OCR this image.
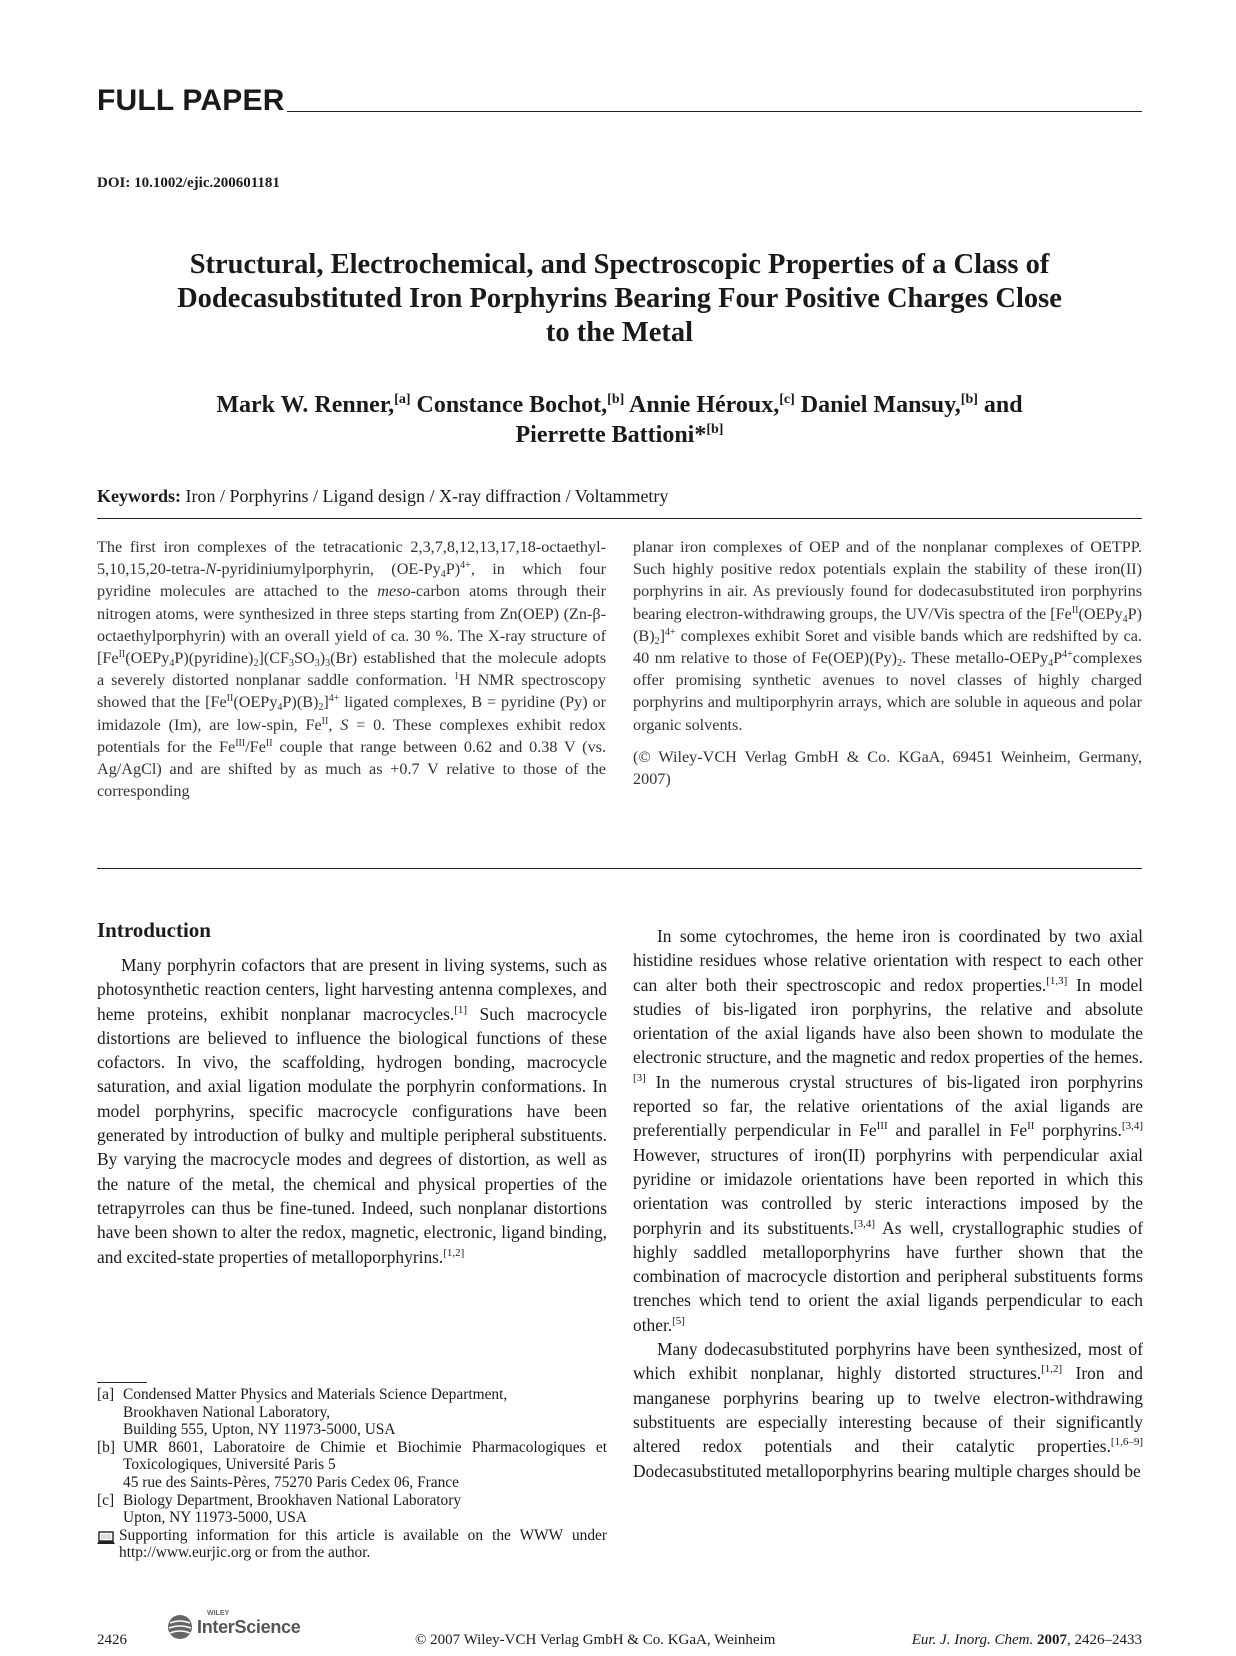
FULL PAPER
DOI: 10.1002/ejic.200601181
Structural, Electrochemical, and Spectroscopic Properties of a Class of
Dodecasubstituted Iron Porphyrins Bearing Four Positive Charges Close
to the Metal
Mark W. Renner,[a] Constance Bochot,[b] Annie Héroux,[c] Daniel Mansuy,[b] and
Pierrette Battioni*[b]
Keywords: Iron / Porphyrins / Ligand design / X-ray diffraction / Voltammetry

The first iron complexes of the tetracationic 2,3,7,8,12,13,17,18-octaethyl-5,10,15,20-tetra-N-pyridiniumylporphyrin, $(OE-Py_4P)^{4+}$, in which four pyridine molecules are attached to the meso-carbon atoms through their nitrogen atoms, were synthesized in three steps starting from Zn(OEP) (Zn-β-octaethylporphyrin) with an overall yield of ca. 30 %. The X-ray structure of $[Fe^{II}(OEPy_4P)(pyridine)_2](CF_3SO_3)_3(Br)$ established that the molecule adopts a severely distorted nonplanar saddle conformation. $^1$H NMR spectroscopy showed that the $[Fe^{II}(OEPy_4P)(B)_2]^{4+}$ ligated complexes, B = pyridine (Py) or imidazole (Im), are low-spin, $Fe^{II}$, S = 0. These complexes exhibit redox potentials for the $Fe^{III}/Fe^{II}$ couple that range between 0.62 and 0.38 V (vs. Ag/AgCl) and are shifted by as much as +0.7 V relative to those of the corresponding

planar iron complexes of OEP and of the nonplanar complexes of OETPP. Such highly positive redox potentials explain the stability of these iron(II) porphyrins in air. As previously found for dodecasubstituted iron porphyrins bearing electron-withdrawing groups, the UV/Vis spectra of the $[Fe^{II}(OEPy_4P)(B)_2]^{4+}$ complexes exhibit Soret and visible bands which are redshifted by ca. 40 nm relative to those of $Fe(OEP)(Py)_2$. These metallo-$OEPy_4P^{4+}complexes$ offer promising synthetic avenues to novel classes of highly charged porphyrins and multiporphyrin arrays, which are soluble in aqueous and polar organic solvents.

(© Wiley-VCH Verlag GmbH & Co. KGaA, 69451 Weinheim, Germany, 2007)

Introduction

Many porphyrin cofactors that are present in living systems, such as photosynthetic reaction centers, light harvesting antenna complexes, and heme proteins, exhibit nonplanar macrocycles.[1] Such macrocycle distortions are believed to influence the biological functions of these cofactors. In vivo, the scaffolding, hydrogen bonding, macrocycle saturation, and axial ligation modulate the porphyrin conformations. In model porphyrins, specific macrocycle configurations have been generated by introduction of bulky and multiple peripheral substituents. By varying the macrocycle modes and degrees of distortion, as well as the nature of the metal, the chemical and physical properties of the tetrapyrroles can thus be fine-tuned. Indeed, such nonplanar distortions have been shown to alter the redox, magnetic, electronic, ligand binding, and excited-state properties of metalloporphyrins.[1,2]

In some cytochromes, the heme iron is coordinated by two axial histidine residues whose relative orientation with respect to each other can alter both their spectroscopic and redox properties.[1,3] In model studies of bis-ligated iron porphyrins, the relative and absolute orientation of the axial ligands have also been shown to modulate the electronic structure, and the magnetic and redox properties of the hemes.[3] In the numerous crystal structures of bis-ligated iron porphyrins reported so far, the relative orientations of the axial ligands are preferentially perpendicular in $Fe^{III}$ and parallel in $Fe^{II}$ porphyrins.[3,4] However, structures of iron(II) porphyrins with perpendicular axial pyridine or imidazole orientations have been reported in which this orientation was controlled by steric interactions imposed by the porphyrin and its substituents.[3,4] As well, crystallographic studies of highly saddled metalloporphyrins have further shown that the combination of macrocycle distortion and peripheral substituents forms trenches which tend to orient the axial ligands perpendicular to each other.[5]

Many dodecasubstituted porphyrins have been synthesized, most of which exhibit nonplanar, highly distorted structures.[1,2] Iron and manganese porphyrins bearing up to twelve electron-withdrawing substituents are especially interesting because of their significantly altered redox potentials and their catalytic properties.[1,6–9] Dodecasubstituted metalloporphyrins bearing multiple charges should be

[a] Condensed Matter Physics and Materials Science Department,
Brookhaven National Laboratory,
Building 555, Upton, NY 11973-5000, USA
[b] UMR 8601, Laboratoire de Chimie et Biochimie Pharmacologiques et Toxicologiques, Université Paris 5
45 rue des Saints-Pères, 75270 Paris Cedex 06, France
[c] Biology Department, Brookhaven National Laboratory
Upton, NY 11973-5000, USA
Supporting information for this article is available on the WWW under http://www.eurjic.org or from the author.
2426
WILEY
InterScience
© 2007 Wiley-VCH Verlag GmbH & Co. KGaA, Weinheim	Eur. J. Inorg. Chem. 2007, 2426–2433
